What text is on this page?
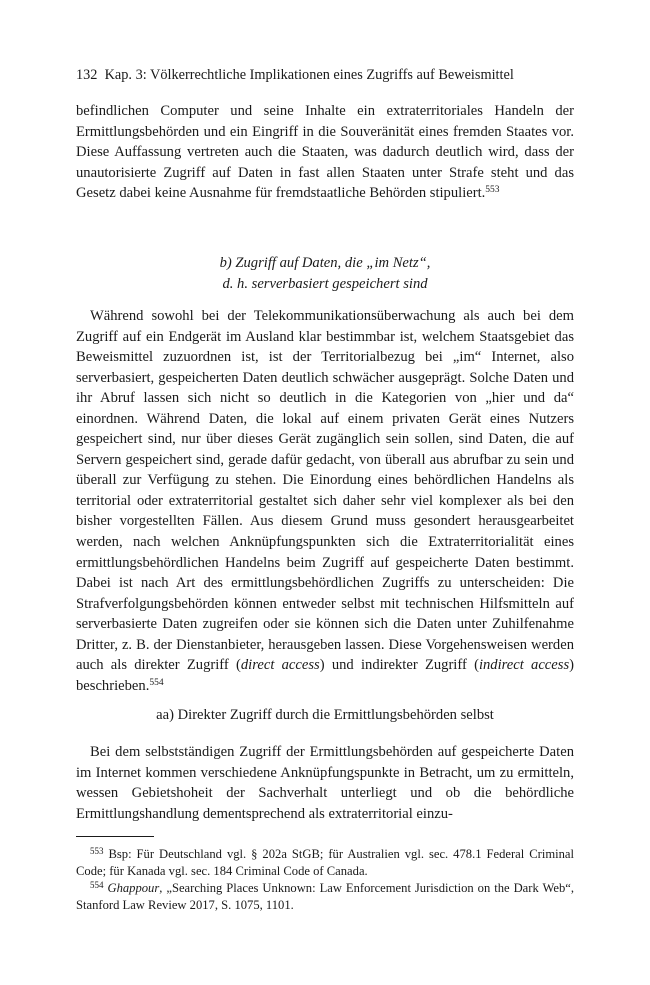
132 Kap. 3: Völkerrechtliche Implikationen eines Zugriffs auf Beweismittel

befindlichen Computer und seine Inhalte ein extraterritoriales Handeln der Ermittlungsbehörden und ein Eingriff in die Souveränität eines fremden Staates vor. Diese Auffassung vertreten auch die Staaten, was dadurch deutlich wird, dass der unautorisierte Zugriff auf Daten in fast allen Staaten unter Strafe steht und das Gesetz dabei keine Ausnahme für fremdstaatliche Behörden stipuliert.$^{553}$

b) Zugriff auf Daten, die „im Netz“,
d. h. serverbasiert gespeichert sind

Während sowohl bei der Telekommunikationsüberwachung als auch bei dem Zugriff auf ein Endgerät im Ausland klar bestimmbar ist, welchem Staatsgebiet das Beweismittel zuzuordnen ist, ist der Territorialbezug bei „im“ Internet, also serverbasiert, gespeicherten Daten deutlich schwächer ausgeprägt. Solche Daten und ihr Abruf lassen sich nicht so deutlich in die Kategorien von „hier und da“ einordnen. Während Daten, die lokal auf einem privaten Gerät eines Nutzers gespeichert sind, nur über dieses Gerät zugänglich sein sollen, sind Daten, die auf Servern gespeichert sind, gerade dafür gedacht, von überall aus abrufbar zu sein und überall zur Verfügung zu stehen. Die Einordung eines behördlichen Handelns als territorial oder extraterritorial gestaltet sich daher sehr viel komplexer als bei den bisher vorgestellten Fällen. Aus diesem Grund muss gesondert herausgearbeitet werden, nach welchen Anknüpfungspunkten sich die Extraterritorialität eines ermittlungsbehördlichen Handelns beim Zugriff auf gespeicherte Daten bestimmt. Dabei ist nach Art des ermittlungsbehördlichen Zugriffs zu unterscheiden: Die Strafverfolgungsbehörden können entweder selbst mit technischen Hilfsmitteln auf serverbasierte Daten zugreifen oder sie können sich die Daten unter Zuhilfenahme Dritter, z. B. der Dienstanbieter, herausgeben lassen. Diese Vorgehensweisen werden auch als direkter Zugriff (direct access) und indirekter Zugriff (indirect access) beschrieben.$^{554}$

aa) Direkter Zugriff durch die Ermittlungsbehörden selbst

Bei dem selbstständigen Zugriff der Ermittlungsbehörden auf gespeicherte Daten im Internet kommen verschiedene Anknüpfungspunkte in Betracht, um zu ermitteln, wessen Gebietshoheit der Sachverhalt unterliegt und ob die behördliche Ermittlungshandlung dementsprechend als extraterritorial einzu-

$^{553}$ Bsp: Für Deutschland vgl. § 202a StGB; für Australien vgl. sec. 478.1 Federal Criminal Code; für Kanada vgl. sec. 184 Criminal Code of Canada.

$^{554}$ Ghappour, „Searching Places Unknown: Law Enforcement Jurisdiction on the Dark Web“, Stanford Law Review 2017, S. 1075, 1101.
